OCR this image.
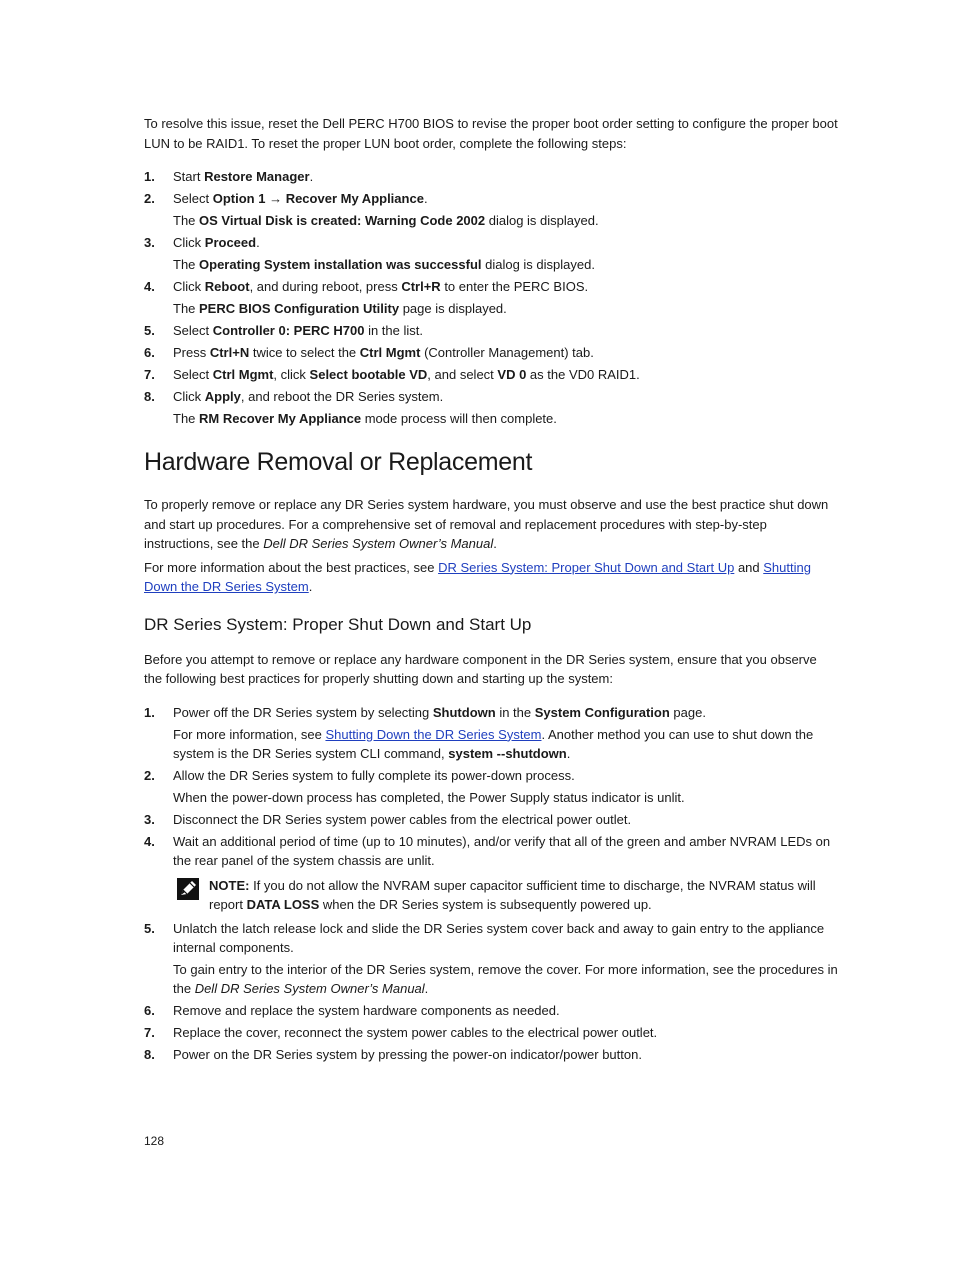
To resolve this issue, reset the Dell PERC H700 BIOS to revise the proper boot order setting to configure the proper boot LUN to be RAID1. To reset the proper LUN boot order, complete the following steps:

1. Start Restore Manager.
2. Select Option 1 → Recover My Appliance.
The OS Virtual Disk is created: Warning Code 2002 dialog is displayed.
3. Click Proceed.
The Operating System installation was successful dialog is displayed.
4. Click Reboot, and during reboot, press Ctrl+R to enter the PERC BIOS.
The PERC BIOS Configuration Utility page is displayed.
5. Select Controller 0: PERC H700 in the list.
6. Press Ctrl+N twice to select the Ctrl Mgmt (Controller Management) tab.
7. Select Ctrl Mgmt, click Select bootable VD, and select VD 0 as the VD0 RAID1.
8. Click Apply, and reboot the DR Series system.
The RM Recover My Appliance mode process will then complete.
Hardware Removal or Replacement

To properly remove or replace any DR Series system hardware, you must observe and use the best practice shut down and start up procedures. For a comprehensive set of removal and replacement procedures with step-by-step instructions, see the Dell DR Series System Owner’s Manual.

For more information about the best practices, see DR Series System: Proper Shut Down and Start Up and Shutting Down the DR Series System.

DR Series System: Proper Shut Down and Start Up

Before you attempt to remove or replace any hardware component in the DR Series system, ensure that you observe the following best practices for properly shutting down and starting up the system:

1. Power off the DR Series system by selecting Shutdown in the System Configuration page.
For more information, see Shutting Down the DR Series System. Another method you can use to shut down the system is the DR Series system CLI command, system --shutdown.
2. Allow the DR Series system to fully complete its power-down process.
When the power-down process has completed, the Power Supply status indicator is unlit.
3. Disconnect the DR Series system power cables from the electrical power outlet.
4. Wait an additional period of time (up to 10 minutes), and/or verify that all of the green and amber NVRAM LEDs on the rear panel of the system chassis are unlit.

NOTE: If you do not allow the NVRAM super capacitor sufficient time to discharge, the NVRAM status will report DATA LOSS when the DR Series system is subsequently powered up.

5. Unlatch the latch release lock and slide the DR Series system cover back and away to gain entry to the appliance internal components.
To gain entry to the interior of the DR Series system, remove the cover. For more information, see the procedures in the Dell DR Series System Owner’s Manual.
6. Remove and replace the system hardware components as needed.
7. Replace the cover, reconnect the system power cables to the electrical power outlet.
8. Power on the DR Series system by pressing the power-on indicator/power button.
128
